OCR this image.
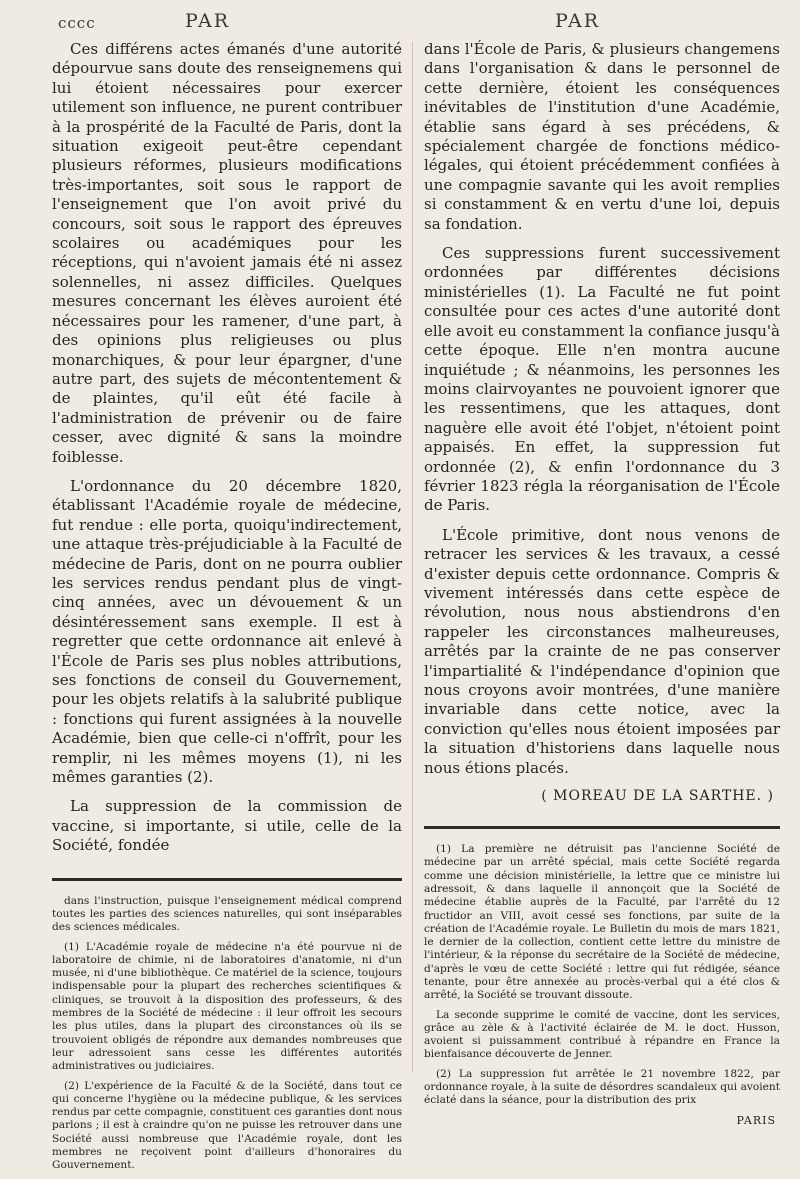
cccc	PAR	PAR

Ces différens actes émanés d'une autorité dépourvue sans doute des renseignemens qui lui étoient nécessaires pour exercer utilement son influence, ne purent contribuer à la prospérité de la Faculté de Paris, dont la situation exigeoit peut-être cependant plusieurs réformes, plusieurs modifications très-importantes, soit sous le rapport de l'enseignement que l'on avoit privé du concours, soit sous le rapport des épreuves scolaires ou académiques pour les réceptions, qui n'avoient jamais été ni assez solennelles, ni assez difficiles. Quelques mesures concernant les élèves auroient été nécessaires pour les ramener, d'une part, à des opinions plus religieuses ou plus monarchiques, & pour leur épargner, d'une autre part, des sujets de mécontentement & de plaintes, qu'il eût été facile à l'administration de prévenir ou de faire cesser, avec dignité & sans la moindre foiblesse.

L'ordonnance du 20 décembre 1820, établissant l'Académie royale de médecine, fut rendue : elle porta, quoiqu'indirectement, une attaque très-préjudiciable à la Faculté de médecine de Paris, dont on ne pourra oublier les services rendus pendant plus de vingt-cinq années, avec un dévouement & un désintéressement sans exemple. Il est à regretter que cette ordonnance ait enlevé à l'École de Paris ses plus nobles attributions, ses fonctions de conseil du Gouvernement, pour les objets relatifs à la salubrité publique : fonctions qui furent assignées à la nouvelle Académie, bien que celle-ci n'offrît, pour les remplir, ni les mêmes moyens (1), ni les mêmes garanties (2).

La suppression de la commission de vaccine, si importante, si utile, celle de la Société, fondée

dans l'instruction, puisque l'enseignement médical comprend toutes les parties des sciences naturelles, qui sont inséparables des sciences médicales.

(1) L'Académie royale de médecine n'a été pourvue ni de laboratoire de chimie, ni de laboratoires d'anatomie, ni d'un musée, ni d'une bibliothèque. Ce matériel de la science, toujours indispensable pour la plupart des recherches scientifiques & cliniques, se trouvoit à la disposition des professeurs, & des membres de la Société de médecine : il leur offroit les secours les plus utiles, dans la plupart des circonstances où ils se trouvoient obligés de répondre aux demandes nombreuses que leur adressoient sans cesse les différentes autorités administratives ou judiciaires.

(2) L'expérience de la Faculté & de la Société, dans tout ce qui concerne l'hygiène ou la médecine publique, & les services rendus par cette compagnie, constituent ces garanties dont nous parlons ; il est à craindre qu'on ne puisse les retrouver dans une Société aussi nombreuse que l'Académie royale, dont les membres ne reçoivent point d'ailleurs d'honoraires du Gouvernement.

dans l'École de Paris, & plusieurs changemens dans l'organisation & dans le personnel de cette dernière, étoient les conséquences inévitables de l'institution d'une Académie, établie sans égard à ses précédens, & spécialement chargée de fonctions médico-légales, qui étoient précédemment confiées à une compagnie savante qui les avoit remplies si constamment & en vertu d'une loi, depuis sa fondation.

Ces suppressions furent successivement ordonnées par différentes décisions ministérielles (1). La Faculté ne fut point consultée pour ces actes d'une autorité dont elle avoit eu constamment la confiance jusqu'à cette époque. Elle n'en montra aucune inquiétude ; & néanmoins, les personnes les moins clairvoyantes ne pouvoient ignorer que les ressentimens, que les attaques, dont naguère elle avoit été l'objet, n'étoient point appaisés. En effet, la suppression fut ordonnée (2), & enfin l'ordonnance du 3 février 1823 régla la réorganisation de l'École de Paris.

L'École primitive, dont nous venons de retracer les services & les travaux, a cessé d'exister depuis cette ordonnance. Compris & vivement intéressés dans cette espèce de révolution, nous nous abstiendrons d'en rappeler les circonstances malheureuses, arrêtés par la crainte de ne pas conserver l'impartialité & l'indépendance d'opinion que nous croyons avoir montrées, d'une manière invariable dans cette notice, avec la conviction qu'elles nous étoient imposées par la situation d'historiens dans laquelle nous nous étions placés.

( MOREAU DE LA SARTHE. )

(1) La première ne détruisit pas l'ancienne Société de médecine par un arrêté spécial, mais cette Société regarda comme une décision ministérielle, la lettre que ce ministre lui adressoit, & dans laquelle il annonçoit que la Société de médecine établie auprès de la Faculté, par l'arrêté du 12 fructidor an VIII, avoit cessé ses fonctions, par suite de la création de l'Académie royale. Le Bulletin du mois de mars 1821, le dernier de la collection, contient cette lettre du ministre de l'intérieur, & la réponse du secrétaire de la Société de médecine, d'après le vœu de cette Société : lettre qui fut rédigée, séance tenante, pour être annexée au procès-verbal qui a été clos & arrêté, la Société se trouvant dissoute.

La seconde supprime le comité de vaccine, dont les services, grâce au zèle & à l'activité éclairée de M. le doct. Husson, avoient si puissamment contribué à répandre en France la bienfaisance découverte de Jenner.

(2) La suppression fut arrêtée le 21 novembre 1822, par ordonnance royale, à la suite de désordres scandaleux qui avoient éclaté dans la séance, pour la distribution des prix

PARIS
